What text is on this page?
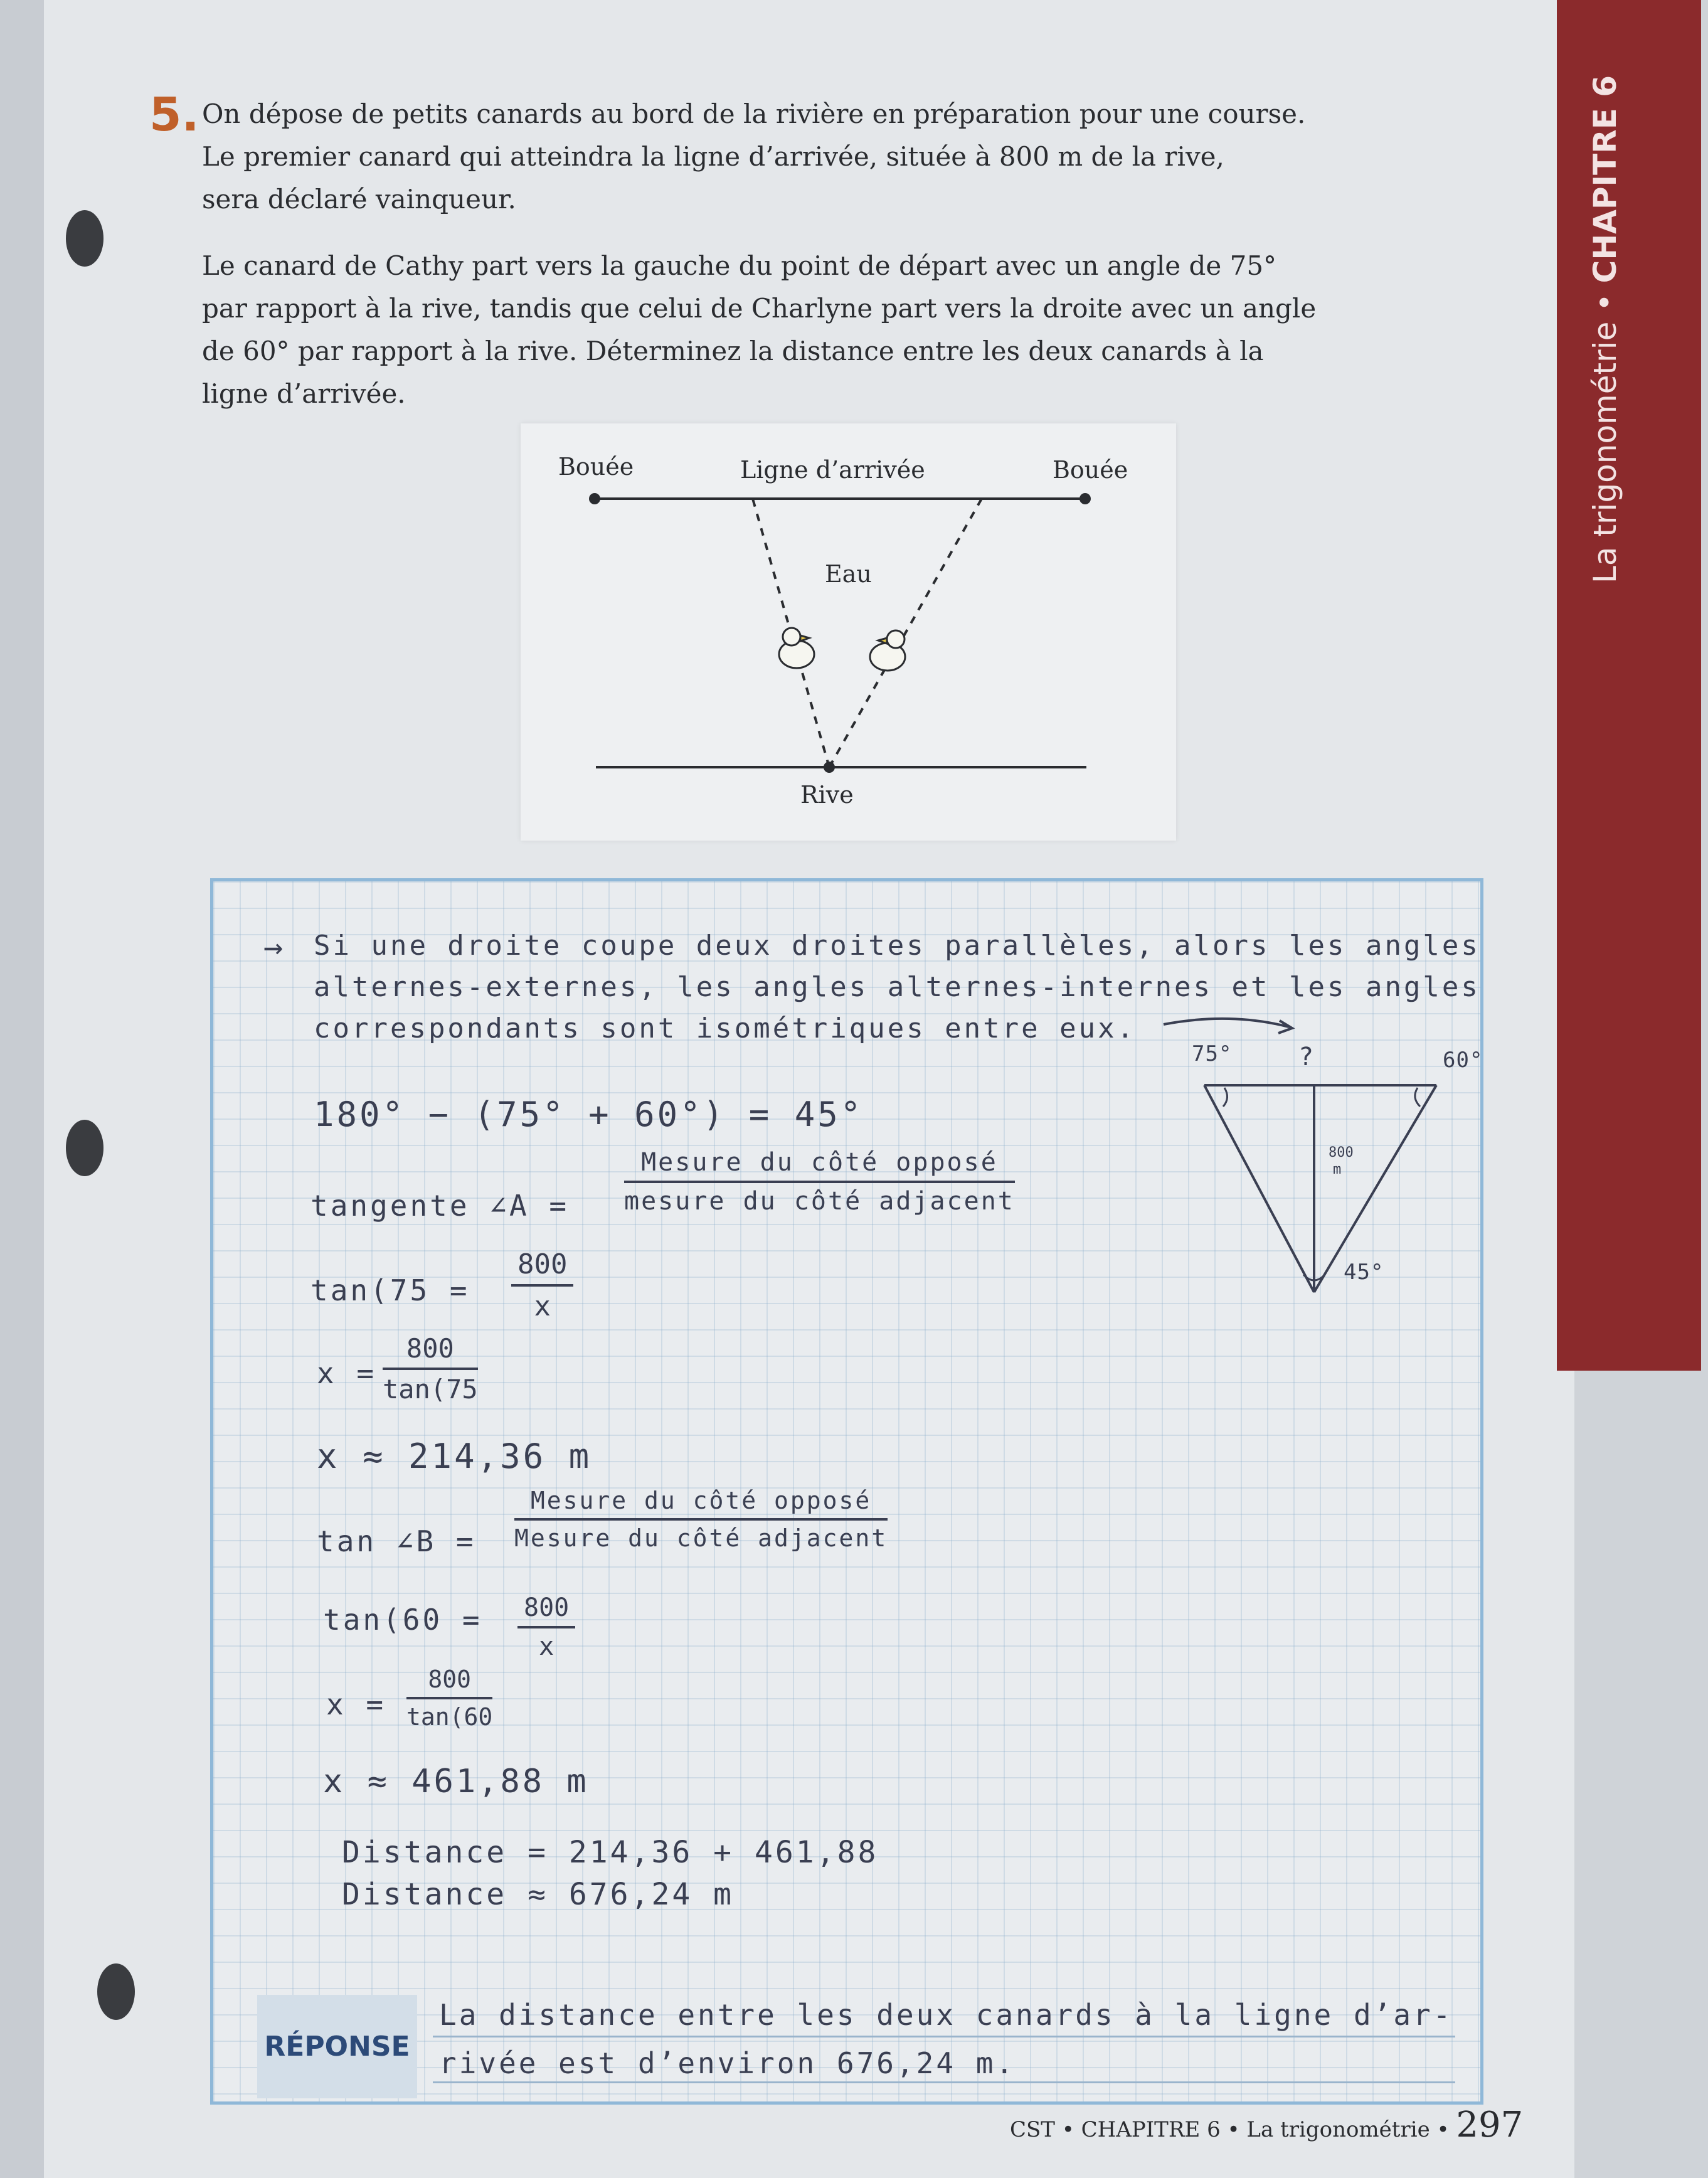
La trigonométrie • CHAPITRE 6
5. On dépose de petits canards au bord de la rivière en préparation pour une course.
Le premier canard qui atteindra la ligne d’arrivée, située à 800 m de la rive,
sera déclaré vainqueur.
Le canard de Cathy part vers la gauche du point de départ avec un angle de 75°
par rapport à la rive, tandis que celui de Charlyne part vers la droite avec un angle
de 60° par rapport à la rive. Déterminez la distance entre les deux canards à la
ligne d’arrivée.
Bouée	Ligne d’arrivée	Bouée
Eau
Rive
→ Si une droite coupe deux droites parallèles, alors les angles
alternes-externes, les angles alternes-internes et les angles
correspondants sont isométriques entre eux.
180° − (75° + 60°) = 45°
tangente ∠A =
Mesure du côté opposé
mesure du côté adjacent
$\tan(75 = \frac{800}{x}$
$x = \frac{800}{\tan(75}$
x ≈ 214,36 m
tan ∠B =
Mesure du côté opposé
Mesure du côté adjacent
$\tan(60 = \frac{800}{x}$
$x = \frac{800}{\tan(60}$
x ≈ 461,88 m
Distance = 214,36 + 461,88
Distance ≈ 676,24 m
75°	?	60°
800
m
45°
RÉPONSE
La distance entre les deux canards à la ligne d’ar-
rivée est d’environ 676,24 m.
CST • CHAPITRE 6 • La trigonométrie • 297
